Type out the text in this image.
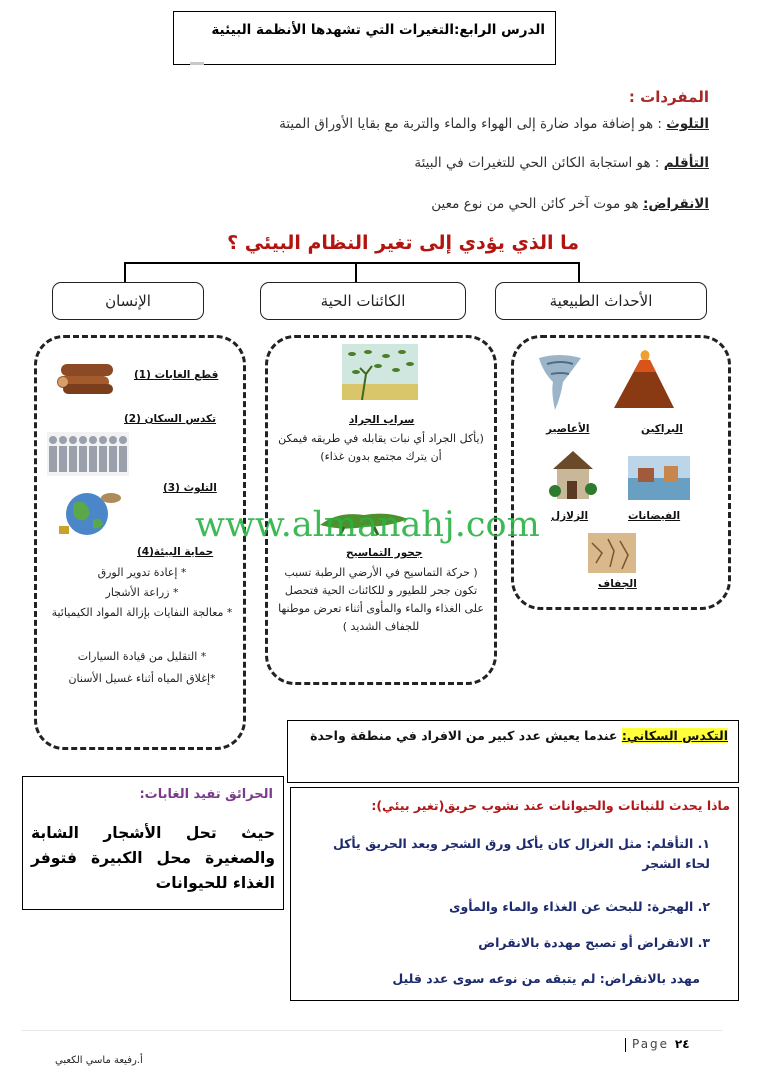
الدرس الرابع:التغيرات التي تشهدها الأنظمة البيئية
المفردات :
التلوث : هو إضافة مواد ضارة إلى الهواء والماء والتربة مع بقايا الأوراق الميتة
التأقلم : هو استجابة الكائن الحي للتغيرات في البيئة
الانقراض: هو موت آخر كائن الحي من نوع معين
ما الذي يؤدي إلى تغير النظام البيئي ؟
الإنسان	الكائنات الحية	الأحداث الطبيعية
البراكين
الأعاصير
الفيضانات
الزلازل
الجفاف
سراب الجراد
(يأكل الجراد أي نبات يقابله في طريقه فيمكن أن يترك مجتمع بدون غذاء)
جحور التماسيح
( حركة التماسيح في الأرضي الرطبة تسبب تكون جحر للطيور و للكائنات الحية فتحصل على الغذاء والماء والمأوى أثناء تعرض موطنها للجفاف الشديد )
(1) قطع الغابات
(2) تكدس السكان
(3) التلوث
(4)حماية البيئة
* إعادة تدوير الورق
* زراعة الأشجار
* معالجة النفايات بإزالة المواد الكيميائية
* التقليل من قيادة السيارات
*إغلاق المياه أثناء غسيل الأسنان
www.almanahj.com
التكدس السكاني: عندما يعيش عدد كبير من الافراد في منطقة واحدة
الحرائق تفيد الغابات:
حيث تحل الأشجار الشابة والصغيرة محل الكبيرة فتوفر الغذاء للحيوانات
ماذا يحدث للنباتات والحيوانات عند نشوب حريق(تغير بيئي):
١. التأقلم: مثل الغزال كان يأكل ورق الشجر وبعد الحريق يأكل لحاء الشجر
٢. الهجرة: للبحث عن الغذاء والماء والمأوى
٣. الانقراض أو تصبح مهددة بالانقراض
مهدد بالانقراض: لم يتبقه من نوعه سوى عدد قليل
Page ٢٤
أ.رفيعة ماسي الكعبي
